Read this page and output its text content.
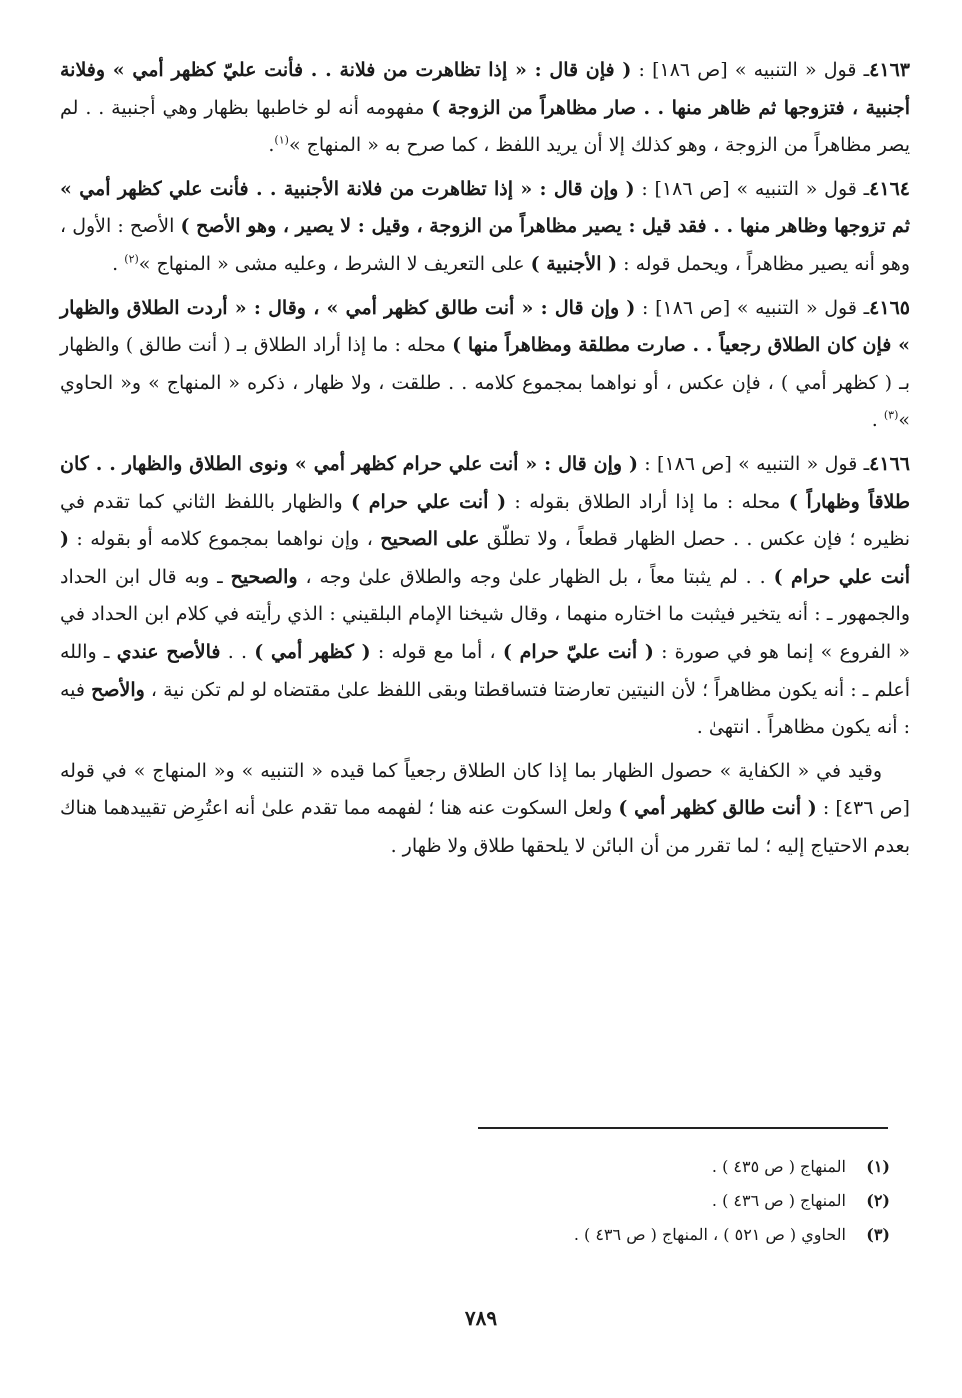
٤١٦٣ـ قول « التنبيه » [ص ١٨٦] : ( فإن قال : « إذا تظاهرت من فلانة . . فأنت عليّ كظهر أمي » وفلانة أجنبية ، فتزوجها ثم ظاهر منها . . صار مظاهراً من الزوجة ) مفهومه أنه لو خاطبها بظهار وهي أجنبية . . لم يصر مظاهراً من الزوجة ، وهو كذلك إلا أن يريد اللفظ ، كما صرح به « المنهاج »$^{(١)}$.

٤١٦٤ـ قول « التنبيه » [ص ١٨٦] : ( وإن قال : « إذا تظاهرت من فلانة الأجنبية . . فأنت علي كظهر أمي » ثم تزوجها وظاهر منها . . فقد قيل : يصير مظاهراً من الزوجة ، وقيل : لا يصير ، وهو الأصح ) الأصح : الأول ، وهو أنه يصير مظاهراً ، ويحمل قوله : ( الأجنبية ) على التعريف لا الشرط ، وعليه مشى « المنهاج »$^{(٢)}$ .

٤١٦٥ـ قول « التنبيه » [ص ١٨٦] : ( وإن قال : « أنت طالق كظهر أمي » ، وقال : « أردت الطلاق والظهار » فإن كان الطلاق رجعياً . . صارت مطلقة ومظاهراً منها ) محله : ما إذا أراد الطلاق بـ ( أنت طالق ) والظهار بـ ( كظهر أمي ) ، فإن عكس ، أو نواهما بمجموع كلامه . . طلقت ، ولا ظهار ، ذكره « المنهاج » و« الحاوي »$^{(٣)}$ .

٤١٦٦ـ قول « التنبيه » [ص ١٨٦] : ( وإن قال : « أنت علي حرام كظهر أمي » ونوى الطلاق والظهار . . كان طلاقاً وظهاراً ) محله : ما إذا أراد الطلاق بقوله : ( أنت علي حرام ) والظهار باللفظ الثاني كما تقدم في نظيره ؛ فإن عكس . . حصل الظهار قطعاً ، ولا تطلّق على الصحيح ، وإن نواهما بمجموع كلامه أو بقوله : ( أنت علي حرام ) . . لم يثبتا معاً ، بل الظهار علىٰ وجه والطلاق علىٰ وجه ، والصحيح ـ وبه قال ابن الحداد والجمهور ـ : أنه يتخير فيثبت ما اختاره منهما ، وقال شيخنا الإمام البلقيني : الذي رأيته في كلام ابن الحداد في « الفروع » إنما هو في صورة : ( أنت عليّ حرام ) ، أما مع قوله : ( كظهر أمي ) . . فالأصح عندي ـ والله أعلم ـ : أنه يكون مظاهراً ؛ لأن النيتين تعارضتا فتساقطتا وبقى اللفظ علىٰ مقتضاه لو لم تكن نية ، والأصح فيه : أنه يكون مظاهراً . انتهىٰ .

وقيد في « الكفاية » حصول الظهار بما إذا كان الطلاق رجعياً كما قيده « التنبيه » و« المنهاج » في قوله [ص ٤٣٦] : ( أنت طالق كظهر أمي ) ولعل السكوت عنه هنا ؛ لفهمه مما تقدم علىٰ أنه اعتُرِض تقييدهما هناك بعدم الاحتياج إليه ؛ لما تقرر من أن البائن لا يلحقها طلاق ولا ظهار .

(١)
المنهاج ( ص ٤٣٥ ) .
(٢)
المنهاج ( ص ٤٣٦ ) .
(٣)
الحاوي ( ص ٥٢١ ) ، المنهاج ( ص ٤٣٦ ) .
٧٨٩
